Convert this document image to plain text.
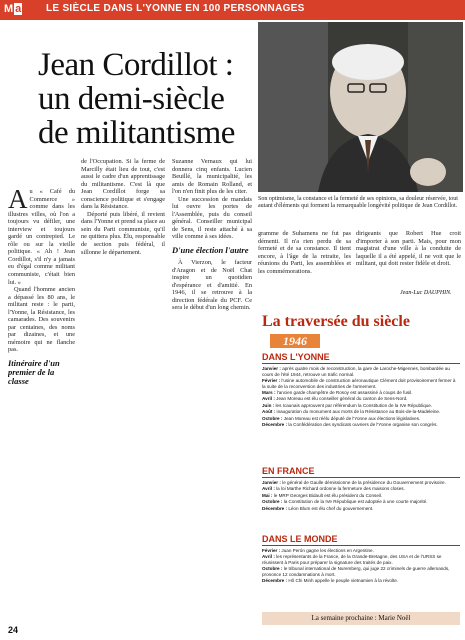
M a	LE SIÈCLE DANS L'YONNE EN 100 PERSONNAGES
Jean Cordillot : un demi-siècle de militantisme
Son optimisme, la constance et la fermeté de ses opinions, sa douleur réservée, tout autant d'éléments qui forment la remarquable longévité politique de Jean Cordillot.

Au « Café du Commerce » comme dans les illustres villes, où l'on a toujours vu défiler, une interview et toujours gardé un contrepied. Le rôle ou sur la vieille politique. « Ah ! Jean Cordillot, s'il n'y a jamais eu d'égal comme militant communiste, c'était bien lui. »

Quand l'homme ancien a dépassé les 80 ans, le militant reste : le parti, l'Yonne, la Résistance, les camarades. Des souvenirs par centaines, des noms par dizaines, et une mémoire qui ne flanche pas.

Itinéraire d'un premier de la classe

de l'Occupation. Si la ferme de Marcilly était lieu de tout, c'est aussi le cadre d'un apprentissage du militantisme. C'est là que Jean Cordillot forge sa conscience politique et s'engage dans la Résistance.

Déporté puis libéré, il revient dans l'Yonne et prend sa place au sein du Parti communiste, qu'il ne quittera plus. Élu, responsable de section puis fédéral, il sillonne le département.

Suzanne Vernaux qui lui donnera cinq enfants. Lucien Beuillé, la municipalité, les amis de Romain Rolland, et l'on n'en finit plus de les citer.

Une succession de mandats lui ouvre les portes de l'Assemblée, puis du conseil général. Conseiller municipal de Sens, il reste attaché à sa ville comme à ses idées.

D'une élection l'autre

À Vierzon, le facteur d'Aragon et de Noël Chat inspire un quotidien d'espérance et d'amitié. En 1946, il se retrouve à la direction fédérale du PCF. Ce sera le début d'un long chemin.

gramme de Suhamens ne fut pas démenti. Il n'a rien perdu de sa fermeté et de sa constance. Il tient encore, à l'âge de la retraite, les réunions du Parti, les assemblées et les commémorations.

dirigeants que Robert Hue croit d'importer à son parti. Mais, pour mon magistrat d'une ville à la conduite de laquelle il a été appelé, il ne voit que le militant, qui doit rester fidèle et droit.

Jean-Luc DAUPHIN.
La traversée du siècle
1946
DANS L'YONNE

Janvier : après quatre mois de reconstruction, la gare de Laroche-Migennes, bombardée au cours de l'été 1944, retrouve un trafic normal.

Février : l'usine automobile de construction aéronautique Clément doit provisoirement fermer à la suite de la reconversion des industries de l'armement.

Mars : l'ancien garde champêtre de Rosoy est assassiné à coups de fusil.

Avril : Jean Moreau est élu conseiller général du canton de Sens-Nord.

Juin : les Icaunais approuvent par référendum la Constitution de la IVe République.

Août : inauguration du monument aux morts de la Résistance au Bois-de-la-Madeleine.

Octobre : Jean Moreau est réélu député de l'Yonne aux élections législatives.

Décembre : la Confédération des syndicats ouvriers de l'Yonne organise son congrès.

EN FRANCE

Janvier : le général de Gaulle démissionne de la présidence du Gouvernement provisoire.

Avril : la loi Marthe Richard ordonne la fermeture des maisons closes.

Mai : le MRP Georges Bidault est élu président du Conseil.

Octobre : la Constitution de la IVe République est adoptée à une courte majorité.

Décembre : Léon Blum est élu chef du gouvernement.

DANS LE MONDE

Février : Juan Perón gagne les élections en Argentine.

Avril : les représentants de la France, de la Grande-Bretagne, des USA et de l'URSS se réunissent à Paris pour préparer la signature des traités de paix.

Octobre : le tribunal international de Nuremberg, qui juge 22 criminels de guerre allemands, prononce 12 condamnations à mort.

Décembre : Hô Chi Minh appelle le peuple vietnamien à la révolte.

La semaine prochaine : Marie Noël
24
